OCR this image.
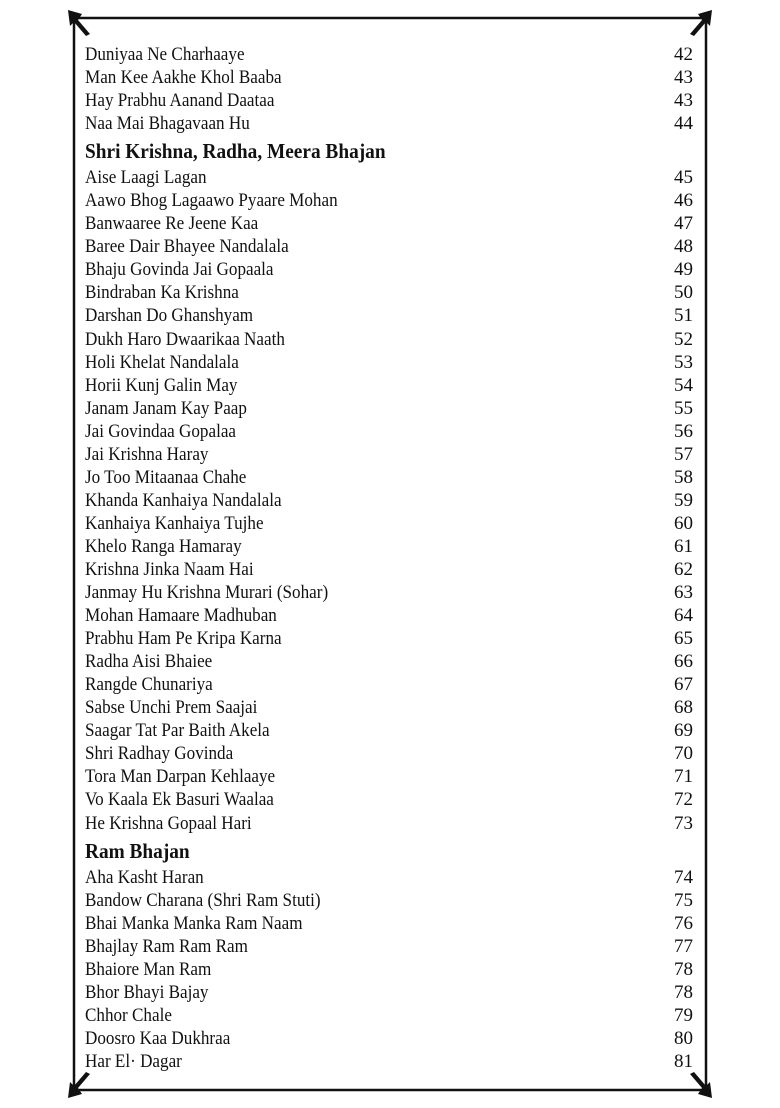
Duniyaa Ne Charhaaye	42
Man Kee Aakhe Khol Baaba	43
Hay Prabhu Aanand Daataa	43
Naa Mai Bhagavaan Hu	44
Shri Krishna, Radha, Meera Bhajan
Aise Laagi Lagan	45
Aawo Bhog Lagaawo Pyaare Mohan	46
Banwaaree Re Jeene Kaa	47
Baree Dair Bhayee Nandalala	48
Bhaju Govinda Jai Gopaala	49
Bindraban Ka Krishna	50
Darshan Do Ghanshyam	51
Dukh Haro Dwaarikaa Naath	52
Holi Khelat Nandalala	53
Horii Kunj Galin May	54
Janam Janam Kay Paap	55
Jai Govindaa Gopalaa	56
Jai Krishna Haray	57
Jo Too Mitaanaa Chahe	58
Khanda Kanhaiya Nandalala	59
Kanhaiya Kanhaiya Tujhe	60
Khelo Ranga Hamaray	61
Krishna Jinka Naam Hai	62
Janmay Hu Krishna Murari (Sohar)	63
Mohan Hamaare Madhuban	64
Prabhu Ham Pe Kripa Karna	65
Radha Aisi Bhaiee	66
Rangde Chunariya	67
Sabse Unchi Prem Saajai	68
Saagar Tat Par Baith Akela	69
Shri Radhay Govinda	70
Tora Man Darpan Kehlaaye	71
Vo Kaala Ek Basuri Waalaa	72
He Krishna Gopaal Hari	73
Ram Bhajan
Aha Kasht Haran	74
Bandow Charana (Shri Ram Stuti)	75
Bhai Manka Manka Ram Naam	76
Bhajlay Ram Ram Ram	77
Bhaiore Man Ram	78
Bhor Bhayi Bajay	78
Chhor Chale	79
Doosro Kaa Dukhraa	80
Har El· Dagar	81
